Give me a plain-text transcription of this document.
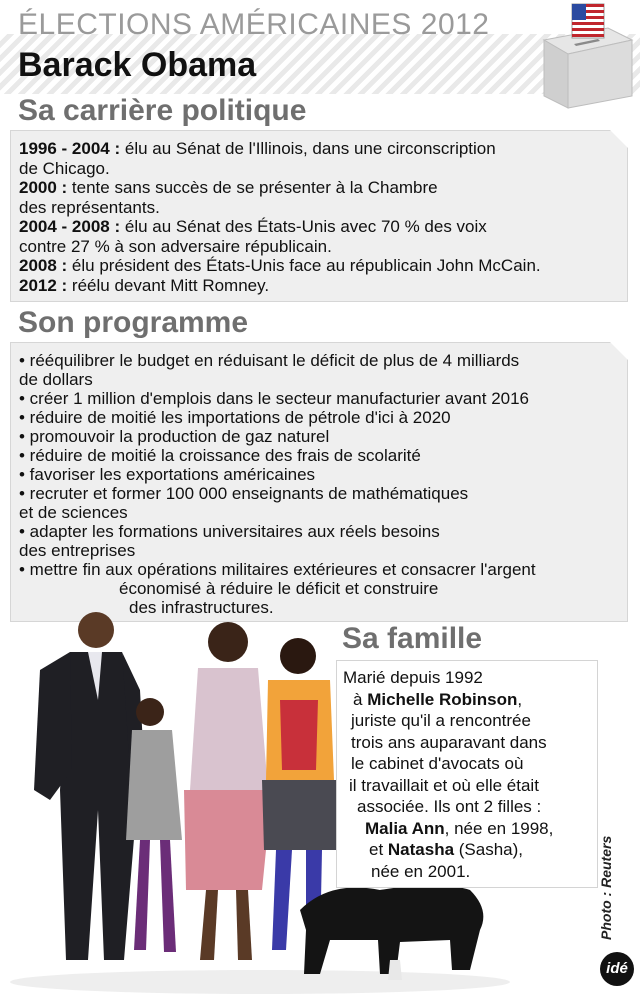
ÉLECTIONS AMÉRICAINES 2012
Barack Obama
Sa carrière politique
1996 - 2004 : élu au Sénat de l'Illinois, dans une circonscription
de Chicago.
2000 : tente sans succès de se présenter à la Chambre
des représentants.
2004 - 2008 : élu au Sénat des États-Unis avec 70 % des voix
contre 27 % à son adversaire républicain.
2008 : élu président des États-Unis face au républicain John McCain.
2012 : réélu devant Mitt Romney.
Son programme
• rééquilibrer le budget en réduisant le déficit de plus de 4 milliards
de dollars
• créer 1 million d'emplois dans le secteur manufacturier avant 2016
• réduire de moitié les importations de pétrole d'ici à 2020
• promouvoir la production de gaz naturel
• réduire de moitié la croissance des frais de scolarité
• favoriser les exportations américaines
• recruter et former 100 000 enseignants de mathématiques
et de sciences
• adapter les formations universitaires aux réels besoins
des entreprises
• mettre fin aux opérations militaires extérieures et consacrer l'argent
économisé à réduire le déficit et construire
des infrastructures.
Sa famille
Marié depuis 1992
à Michelle Robinson,
juriste qu'il a rencontrée
trois ans auparavant dans
le cabinet d'avocats où
il travaillait et où elle était
associée. Ils ont 2 filles :
Malia Ann, née en 1998,
et Natasha (Sasha),
née en 2001.	Photo : Reuters
idé
